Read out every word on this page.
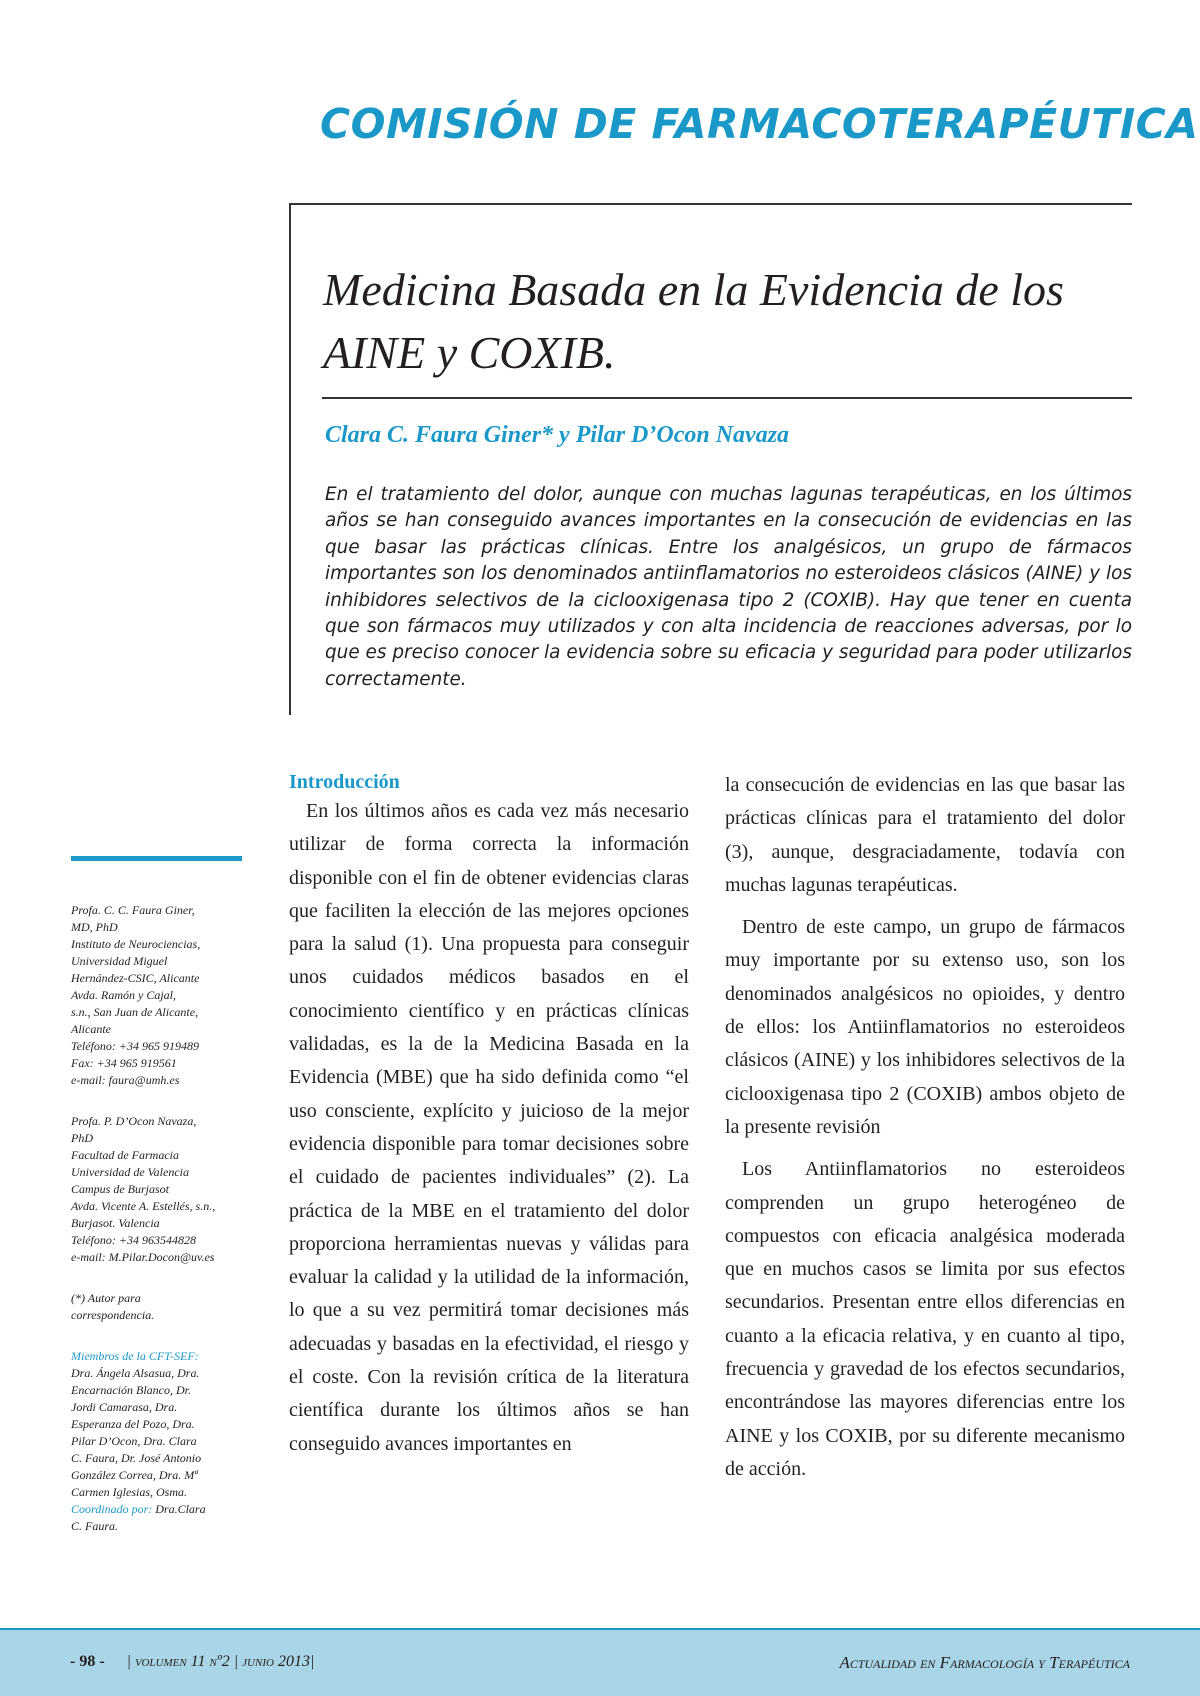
COMISIÓN DE FARMACOTERAPÉUTICA
Medicina Basada en la Evidencia de los
AINE y COXIB.
Clara C. Faura Giner* y Pilar D’Ocon Navaza

En el tratamiento del dolor, aunque con muchas lagunas terapéuticas, en los últimos años se han conseguido avances importantes en la consecución de evidencias en las que basar las prácticas clínicas. Entre los analgésicos, un grupo de fármacos importantes son los denominados antiinflamatorios no esteroideos clásicos (AINE) y los inhibidores selectivos de la ciclooxigenasa tipo 2 (COXIB). Hay que tener en cuenta que son fármacos muy utilizados y con alta incidencia de reacciones adversas, por lo que es preciso conocer la evidencia sobre su eficacia y seguridad para poder utilizarlos correctamente.

Profa. C. C. Faura Giner,
MD, PhD
Instituto de Neurociencias,
Universidad Miguel
Hernández-CSIC, Alicante
Avda. Ramón y Cajal,
s.n., San Juan de Alicante,
Alicante
Teléfono: +34 965 919489
Fax: +34 965 919561
e-mail: faura@umh.es
Profa. P. D’Ocon Navaza,
PhD
Facultad de Farmacia
Universidad de Valencia
Campus de Burjasot
Avda. Vicente A. Estellés, s.n.,
Burjasot. Valencia
Teléfono: +34 963544828
e-mail: M.Pilar.Docon@uv.es
(*) Autor para
correspondencia.
Miembros de la CFT-SEF:
Dra. Ángela Alsasua, Dra.
Encarnación Blanco, Dr.
Jordi Camarasa, Dra.
Esperanza del Pozo, Dra.
Pilar D’Ocon, Dra. Clara
C. Faura, Dr. José Antonio
González Correa, Dra. Mª
Carmen Iglesias, Osma.
Coordinado por: Dra.Clara
C. Faura.
Introducción

En los últimos años es cada vez más necesario utilizar de forma correcta la información disponible con el fin de obtener evidencias claras que faciliten la elección de las mejores opciones para la salud (1). Una propuesta para conseguir unos cuidados médicos basados en el conocimiento científico y en prácticas clínicas validadas, es la de la Medicina Basada en la Evidencia (MBE) que ha sido definida como “el uso consciente, explícito y juicioso de la mejor evidencia disponible para tomar decisiones sobre el cuidado de pacientes individuales” (2). La práctica de la MBE en el tratamiento del dolor proporciona herramientas nuevas y válidas para evaluar la calidad y la utilidad de la información, lo que a su vez permitirá tomar decisiones más adecuadas y basadas en la efectividad, el riesgo y el coste. Con la revisión crítica de la literatura científica durante los últimos años se han conseguido avances importantes en

la consecución de evidencias en las que basar las prácticas clínicas para el tratamiento del dolor (3), aunque, desgraciadamente, todavía con muchas lagunas terapéuticas.

Dentro de este campo, un grupo de fármacos muy importante por su extenso uso, son los denominados analgésicos no opioides, y dentro de ellos: los Antiinflamatorios no esteroideos clásicos (AINE) y los inhibidores selectivos de la ciclooxigenasa tipo 2 (COXIB) ambos objeto de la presente revisión

Los Antiinflamatorios no esteroideos comprenden un grupo heterogéneo de compuestos con eficacia analgésica moderada que en muchos casos se limita por sus efectos secundarios. Presentan entre ellos diferencias en cuanto a la eficacia relativa, y en cuanto al tipo, frecuencia y gravedad de los efectos secundarios, encontrándose las mayores diferencias entre los AINE y los COXIB, por su diferente mecanismo de acción.

- 98 - | volumen 11 nº2 | junio 2013|	Actualidad en Farmacología y Terapéutica
